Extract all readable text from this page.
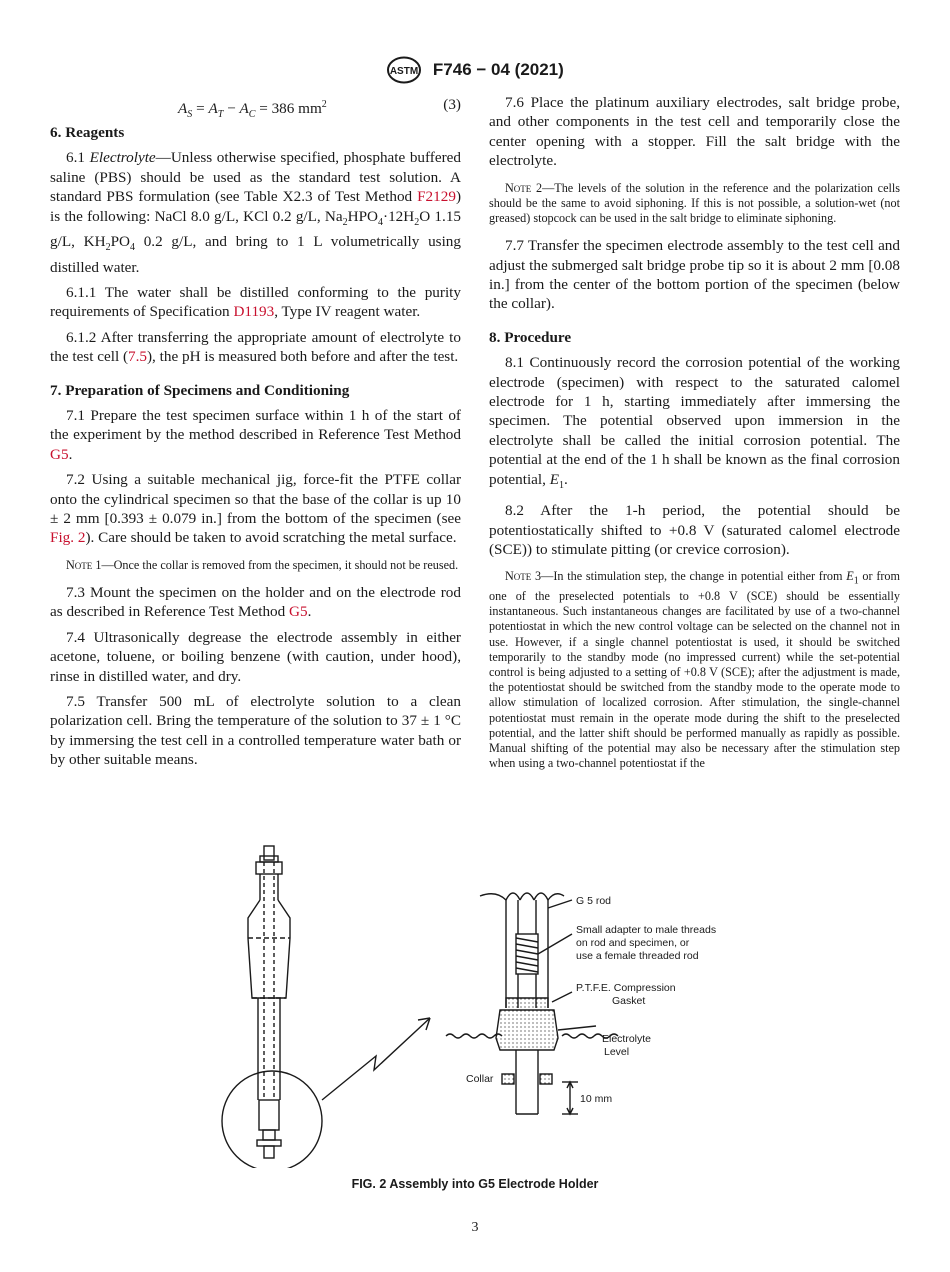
ASTM F746 − 04 (2021)
$A_S = A_T - A_C = 386$ $mm^2$	(3)
6. Reagents

6.1 Electrolyte—Unless otherwise specified, phosphate buffered saline (PBS) should be used as the standard test solution. A standard PBS formulation (see Table X2.3 of Test Method F2129) is the following: NaCl 8.0 g/L, KCl 0.2 g/L, $Na_2HPO_4\cdot 12H_2O$ 1.15 g/L, $KH_2PO_4$ 0.2 g/L, and bring to 1 L volumetrically using distilled water.

6.1.1 The water shall be distilled conforming to the purity requirements of Specification D1193, Type IV reagent water.

6.1.2 After transferring the appropriate amount of electrolyte to the test cell (7.5), the pH is measured both before and after the test.

7. Preparation of Specimens and Conditioning

7.1 Prepare the test specimen surface within 1 h of the start of the experiment by the method described in Reference Test Method G5.

7.2 Using a suitable mechanical jig, force-fit the PTFE collar onto the cylindrical specimen so that the base of the collar is up 10 ± 2 mm [0.393 ± 0.079 in.] from the bottom of the specimen (see Fig. 2). Care should be taken to avoid scratching the metal surface.

Note 1—Once the collar is removed from the specimen, it should not be reused.

7.3 Mount the specimen on the holder and on the electrode rod as described in Reference Test Method G5.

7.4 Ultrasonically degrease the electrode assembly in either acetone, toluene, or boiling benzene (with caution, under hood), rinse in distilled water, and dry.

7.5 Transfer 500 mL of electrolyte solution to a clean polarization cell. Bring the temperature of the solution to 37 ± 1 °C by immersing the test cell in a controlled temperature water bath or by other suitable means.

7.6 Place the platinum auxiliary electrodes, salt bridge probe, and other components in the test cell and temporarily close the center opening with a stopper. Fill the salt bridge with the electrolyte.

Note 2—The levels of the solution in the reference and the polarization cells should be the same to avoid siphoning. If this is not possible, a solution-wet (not greased) stopcock can be used in the salt bridge to eliminate siphoning.

7.7 Transfer the specimen electrode assembly to the test cell and adjust the submerged salt bridge probe tip so it is about 2 mm [0.08 in.] from the center of the bottom portion of the specimen (below the collar).

8. Procedure

8.1 Continuously record the corrosion potential of the working electrode (specimen) with respect to the saturated calomel electrode for 1 h, starting immediately after immersing the specimen. The potential observed upon immersion in the electrolyte shall be called the initial corrosion potential. The potential at the end of the 1 h shall be known as the final corrosion potential, $E_1$.

8.2 After the 1-h period, the potential should be potentiostatically shifted to +0.8 V (saturated calomel electrode (SCE)) to stimulate pitting (or crevice corrosion).

Note 3—In the stimulation step, the change in potential either from $E_1$ or from one of the preselected potentials to +0.8 V (SCE) should be essentially instantaneous. Such instantaneous changes are facilitated by use of a two-channel potentiostat in which the new control voltage can be selected on the channel not in use. However, if a single channel potentiostat is used, it should be switched temporarily to the standby mode (no impressed current) while the set-potential control is being adjusted to a setting of +0.8 V (SCE); after the adjustment is made, the potentiostat should be switched from the standby mode to the operate mode to allow stimulation of localized corrosion. After stimulation, the single-channel potentiostat must remain in the operate mode during the shift to the preselected potential, and the latter shift should be performed manually as rapidly as possible. Manual shifting of the potential may also be necessary after the stimulation step when using a two-channel potentiostat if the
G 5 rod
Small adapter to male threads
on rod and specimen, or
use a female threaded rod
P.T.F.E. Compression
Gasket
Electrolyte
Level
Collar
10 mm
FIG. 2 Assembly into G5 Electrode Holder
3
